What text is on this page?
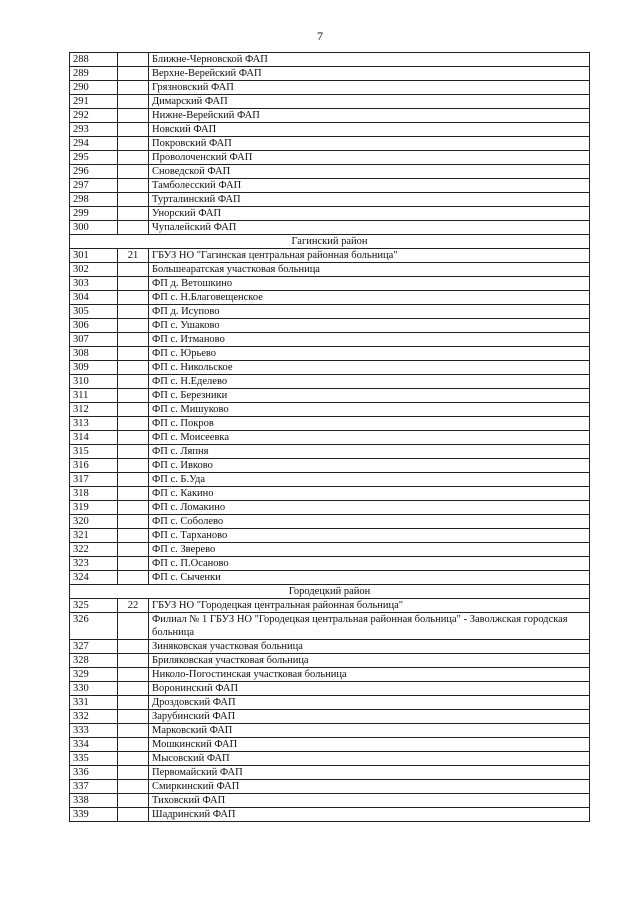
7
288		Ближне-Черновской ФАП
289		Верхне-Верейский ФАП
290		Грязновский ФАП
291		Димарский ФАП
292		Нижне-Верейский ФАП
293		Новский ФАП
294		Покровский ФАП
295		Проволоченский ФАП
296		Сноведской ФАП
297		Тамболесский ФАП
298		Турталинский ФАП
299		Унорский ФАП
300		Чупалейский ФАП
Гагинский район		
301	21	ГБУЗ НО "Гагинская центральная районная больница"
302		Большеаратская участковая больница
303		ФП д. Ветошкино
304		ФП с. Н.Благовещенское
305		ФП д. Исупово
306		ФП с. Ушаково
307		ФП с. Итманово
308		ФП с. Юрьево
309		ФП с. Никольское
310		ФП с. Н.Еделево
311		ФП с. Березники
312		ФП с. Мишуково
313		ФП с. Покров
314		ФП с. Моисеевка
315		ФП с. Ляпня
316		ФП с. Ивково
317		ФП с. Б.Уда
318		ФП с. Какино
319		ФП с. Ломакино
320		ФП с. Соболево
321		ФП с. Тарханово
322		ФП с. Зверево
323		ФП с. П.Осаново
324		ФП с. Сыченки
Городецкий район		
325	22	ГБУЗ НО "Городецкая центральная районная больница"
326		Филиал № 1 ГБУЗ НО "Городецкая центральная районная больница" - Заволжская городская больница
327		Зиняковская участковая больница
328		Бриляковская участковая больница
329		Николо-Погостинская участковая больница
330		Воронинский ФАП
331		Дроздовский ФАП
332		Зарубинский ФАП
333		Марковский ФАП
334		Мошкинский ФАП
335		Мысовский ФАП
336		Первомайский ФАП
337		Смиркинский ФАП
338		Тиховский ФАП
339		Шадринский ФАП
